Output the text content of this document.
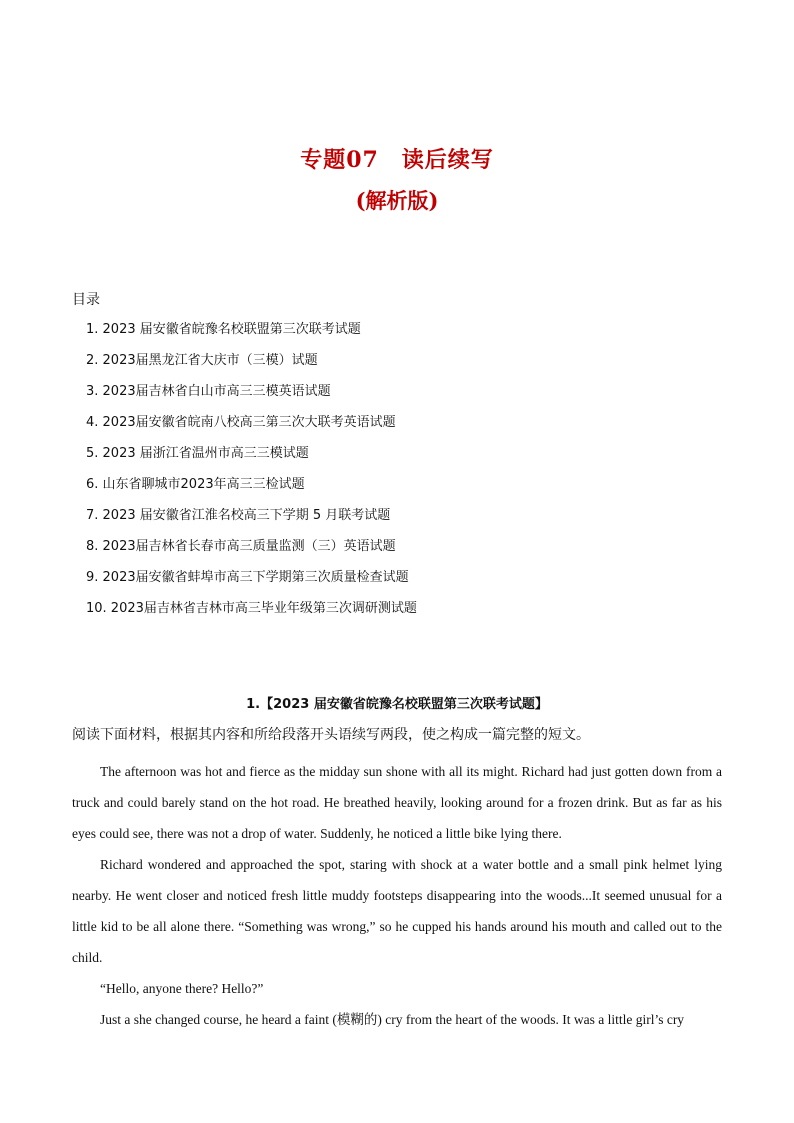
专题07　读后续写
(解析版)
目录
1. 2023 届安徽省皖豫名校联盟第三次联考试题
2. 2023届黑龙江省大庆市（三模）试题
3. 2023届吉林省白山市高三三模英语试题
4. 2023届安徽省皖南八校高三第三次大联考英语试题
5. 2023 届浙江省温州市高三三模试题
6. 山东省聊城市2023年高三三检试题
7. 2023 届安徽省江淮名校高三下学期 5 月联考试题
8. 2023届吉林省长春市高三质量监测（三）英语试题
9. 2023届安徽省蚌埠市高三下学期第三次质量检查试题
10. 2023届吉林省吉林市高三毕业年级第三次调研测试题
1.【2023 届安徽省皖豫名校联盟第三次联考试题】
阅读下面材料，根据其内容和所给段落开头语续写两段，使之构成一篇完整的短文。

The afternoon was hot and fierce as the midday sun shone with all its might. Richard had just gotten down from a truck and could barely stand on the hot road. He breathed heavily, looking around for a frozen drink. But as far as his eyes could see, there was not a drop of water. Suddenly, he noticed a little bike lying there.

Richard wondered and approached the spot, staring with shock at a water bottle and a small pink helmet lying nearby. He went closer and noticed fresh little muddy footsteps disappearing into the woods...It seemed unusual for a little kid to be all alone there. “Something was wrong,” so he cupped his hands around his mouth and called out to the child.

“Hello, anyone there? Hello?”

Just a she changed course, he heard a faint (模糊的) cry from the heart of the woods. It was a little girl’s cry
